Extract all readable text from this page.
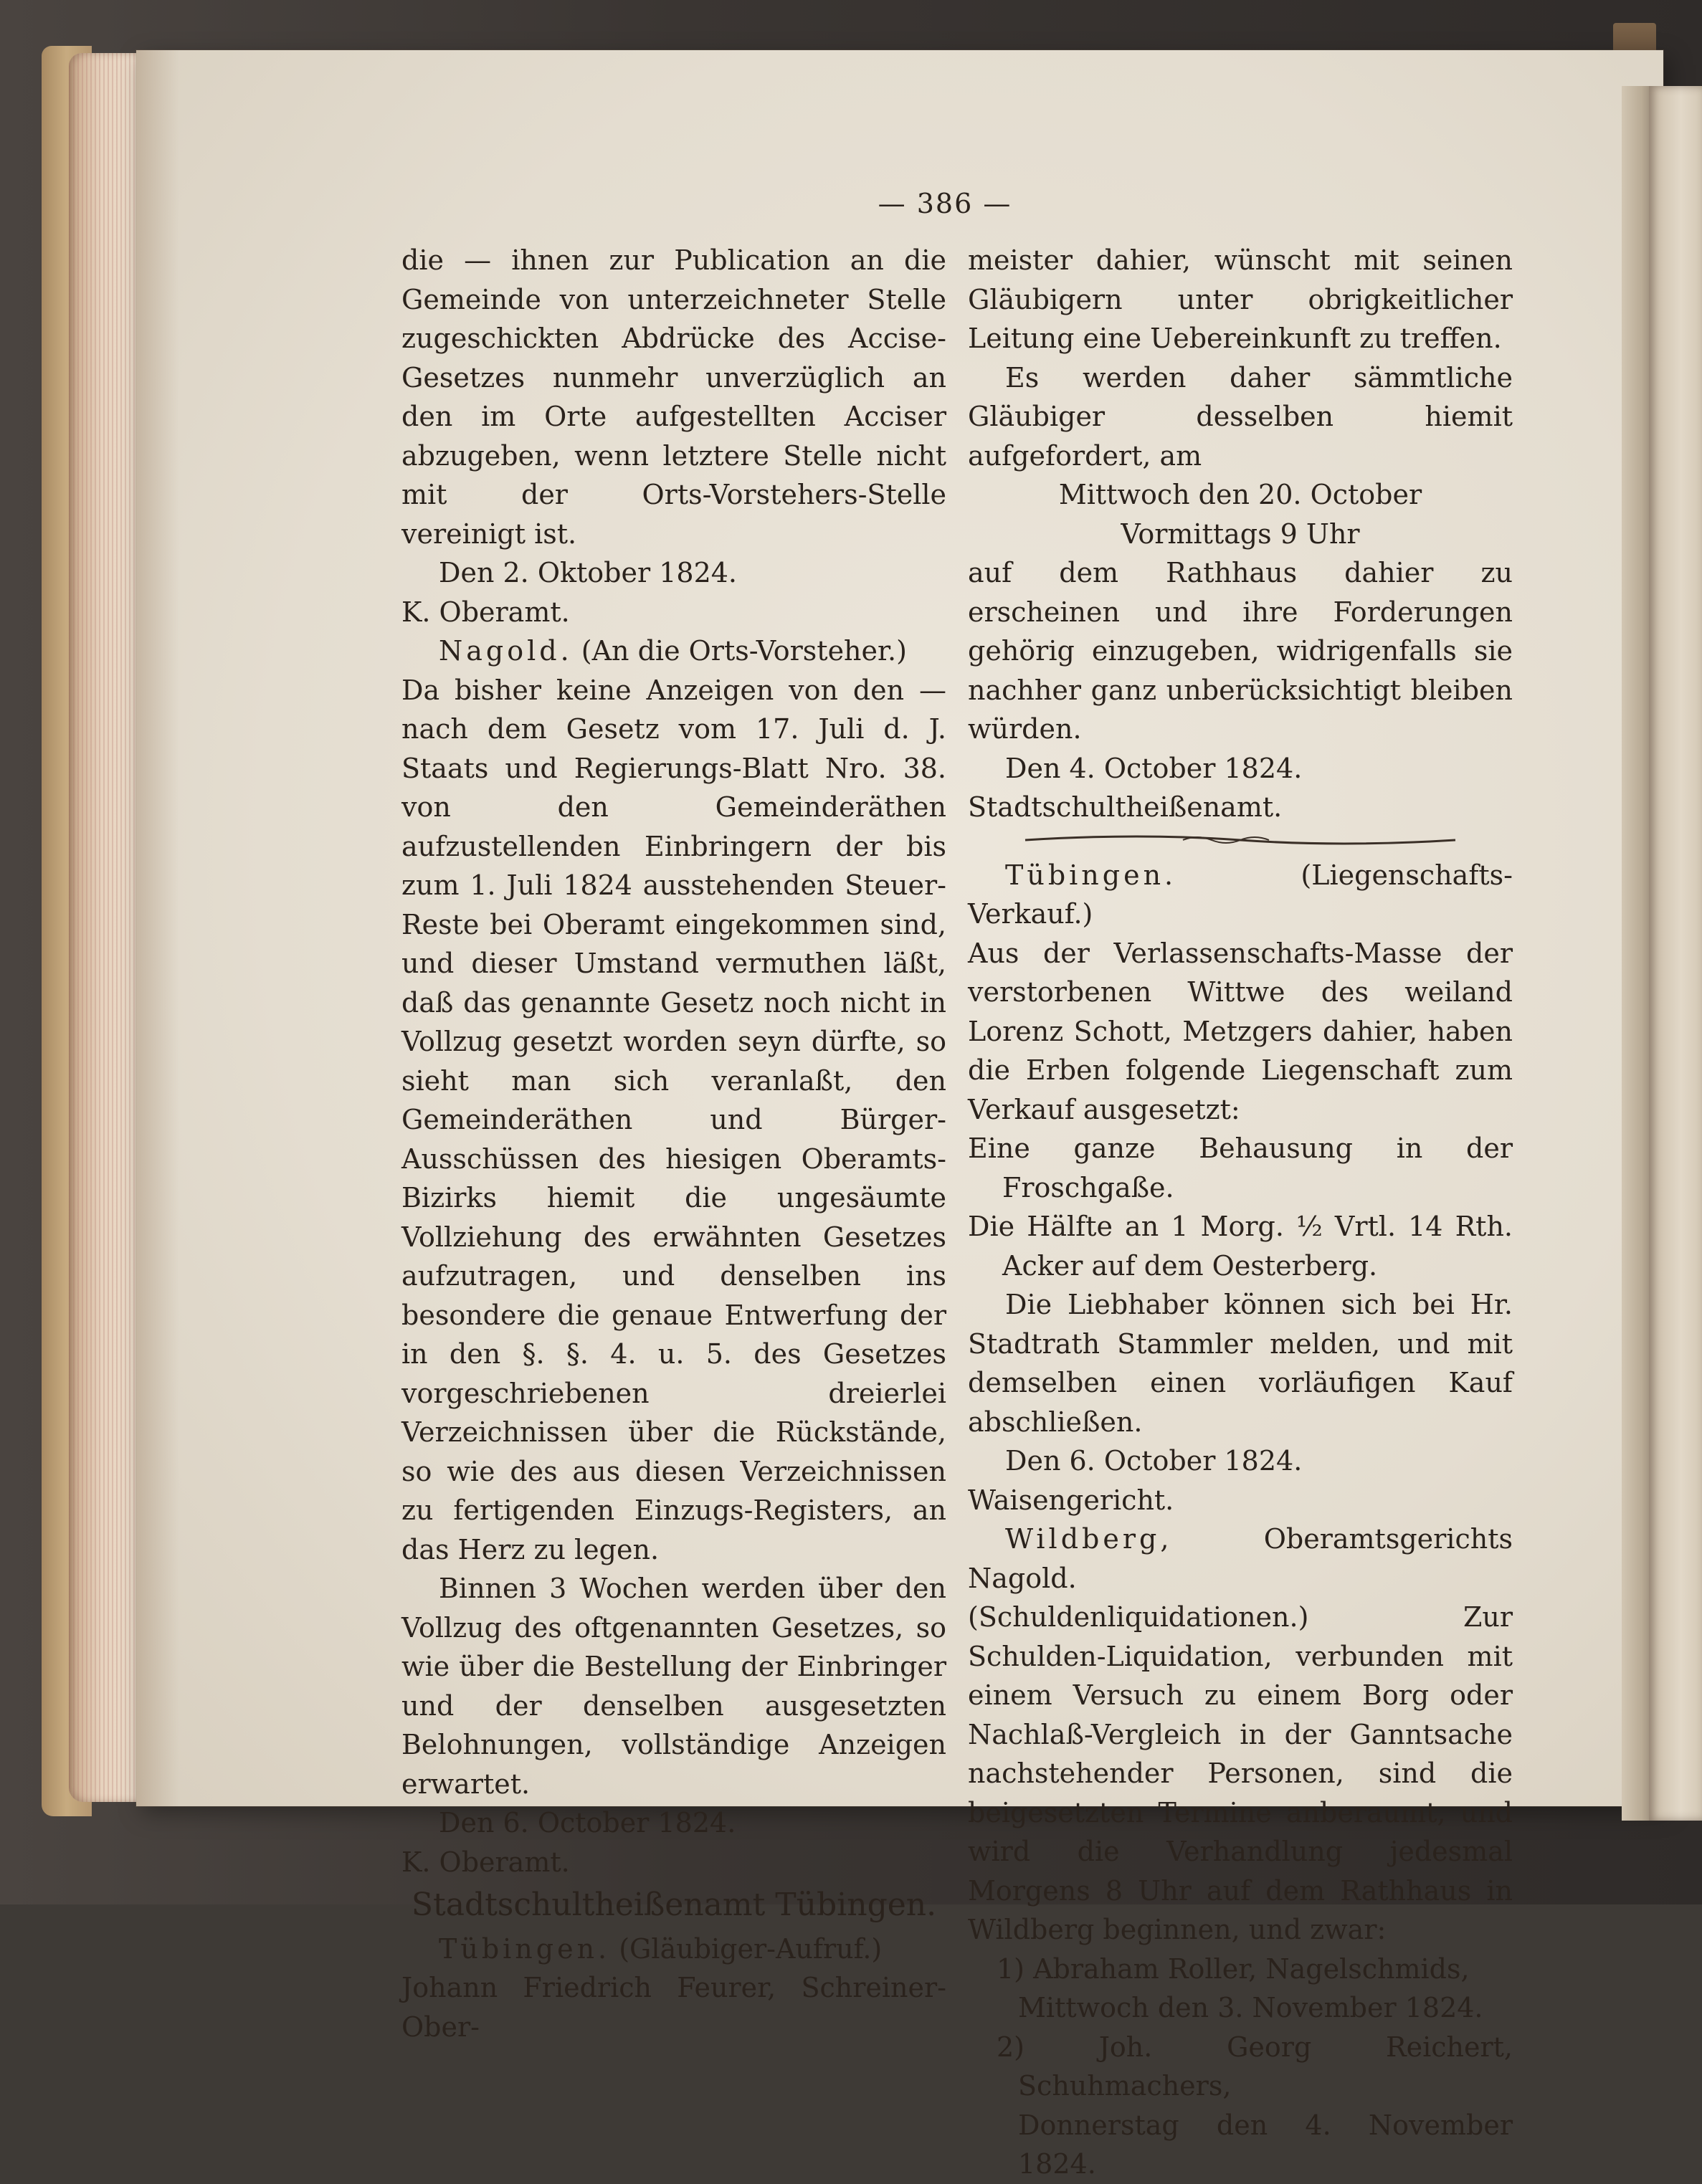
— 386 —

die — ihnen zur Publication an die Gemeinde von unterzeichneter Stelle zugeschickten Abdrücke des Accise-Gesetzes nunmehr unverzüglich an den im Orte aufgestellten Acciser abzugeben, wenn letztere Stelle nicht mit der Orts-Vorstehers-Stelle vereinigt ist.

Den 2. Oktober 1824.

K. Oberamt.

Nagold. (An die Orts-Vorsteher.)

Da bisher keine Anzeigen von den — nach dem Gesetz vom 17. Juli d. J. Staats und Regierungs-Blatt Nro. 38. von den Gemeinderäthen aufzustellenden Einbringern der bis zum 1. Juli 1824 ausstehenden Steuer-Reste bei Oberamt eingekommen sind, und dieser Umstand vermuthen läßt, daß das genannte Gesetz noch nicht in Vollzug gesetzt worden seyn dürfte, so sieht man sich veranlaßt, den Gemeinderäthen und Bürger-Ausschüssen des hiesigen Oberamts-Bizirks hiemit die ungesäumte Vollziehung des erwähnten Gesetzes aufzutragen, und denselben ins besondere die genaue Entwerfung der in den §. §. 4. u. 5. des Gesetzes vorgeschriebenen dreierlei Verzeichnissen über die Rückstände, so wie des aus diesen Verzeichnissen zu fertigenden Einzugs-Registers, an das Herz zu legen.

Binnen 3 Wochen werden über den Vollzug des oftgenannten Gesetzes, so wie über die Bestellung der Einbringer und der denselben ausgesetzten Belohnungen, vollständige Anzeigen erwartet.

Den 6. October 1824.

K. Oberamt.

Stadtschultheißenamt Tübingen.

Tübingen. (Gläubiger-Aufruf.)

Johann Friedrich Feurer, Schreiner-Ober-

meister dahier, wünscht mit seinen Gläubigern unter obrigkeitlicher Leitung eine Uebereinkunft zu treffen.

Es werden daher sämmtliche Gläubiger desselben hiemit aufgefordert, am

Mittwoch den 20. October

Vormittags 9 Uhr

auf dem Rathhaus dahier zu erscheinen und ihre Forderungen gehörig einzugeben, widrigenfalls sie nachher ganz unberücksichtigt bleiben würden.

Den 4. October 1824.

Stadtschultheißenamt.

Tübingen.	(Liegenschafts-Verkauf.)

Aus der Verlassenschafts-Masse der verstorbenen Wittwe des weiland Lorenz Schott, Metzgers dahier, haben die Erben folgende Liegenschaft zum Verkauf ausgesetzt:

Eine ganze Behausung in der Froschgaße.

Die Hälfte an 1 Morg. ½ Vrtl. 14 Rth. Acker auf dem Oesterberg.

Die Liebhaber können sich bei Hr. Stadtrath Stammler melden, und mit demselben einen vorläufigen Kauf abschließen.

Den 6. October 1824.

Waisengericht.

Wildberg,	Oberamtsgerichts Nagold.

(Schuldenliquidationen.) Zur Schulden-Liquidation, verbunden mit einem Versuch zu einem Borg oder Nachlaß-Vergleich in der Ganntsache nachstehender Personen, sind die beigesetzten Termine anberaumt, und wird die Verhandlung jedesmal Morgens 8 Uhr auf dem Rathhaus in Wildberg beginnen, und zwar:

1) Abraham Roller, Nagelschmids,

Mittwoch den 3. November 1824.

2) Joh. Georg Reichert, Schuhmachers,

Donnerstag den 4. November 1824.
